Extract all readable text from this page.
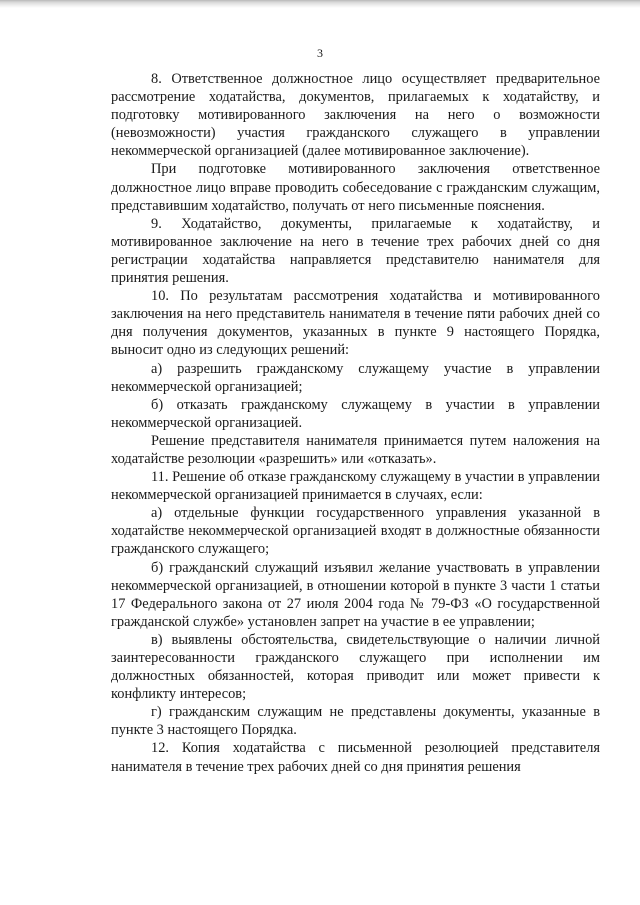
3

8. Ответственное должностное лицо осуществляет предварительное рассмотрение ходатайства, документов, прилагаемых к ходатайству, и подготовку мотивированного заключения на него о возможности (невозможности) участия гражданского служащего в управлении некоммерческой организацией (далее мотивированное заключение).

При подготовке мотивированного заключения ответственное должностное лицо вправе проводить собеседование с гражданским служащим, представившим ходатайство, получать от него письменные пояснения.

9. Ходатайство, документы, прилагаемые к ходатайству, и мотивированное заключение на него в течение трех рабочих дней со дня регистрации ходатайства направляется представителю нанимателя для принятия решения.

10. По результатам рассмотрения ходатайства и мотивированного заключения на него представитель нанимателя в течение пяти рабочих дней со дня получения документов, указанных в пункте 9 настоящего Порядка, выносит одно из следующих решений:

а) разрешить гражданскому служащему участие в управлении некоммерческой организацией;

б) отказать гражданскому служащему в участии в управлении некоммерческой организацией.

Решение представителя нанимателя принимается путем наложения на ходатайстве резолюции «разрешить» или «отказать».

11. Решение об отказе гражданскому служащему в участии в управлении некоммерческой организацией принимается в случаях, если:

а) отдельные функции государственного управления указанной в ходатайстве некоммерческой организацией входят в должностные обязанности гражданского служащего;

б) гражданский служащий изъявил желание участвовать в управлении некоммерческой организацией, в отношении которой в пункте 3 части 1 статьи 17 Федерального закона от 27 июля 2004 года № 79-ФЗ «О государственной гражданской службе» установлен запрет на участие в ее управлении;

в) выявлены обстоятельства, свидетельствующие о наличии личной заинтересованности гражданского служащего при исполнении им должностных обязанностей, которая приводит или может привести к конфликту интересов;

г) гражданским служащим не представлены документы, указанные в пункте 3 настоящего Порядка.

12. Копия ходатайства с письменной резолюцией представителя нанимателя в течение трех рабочих дней со дня принятия решения
